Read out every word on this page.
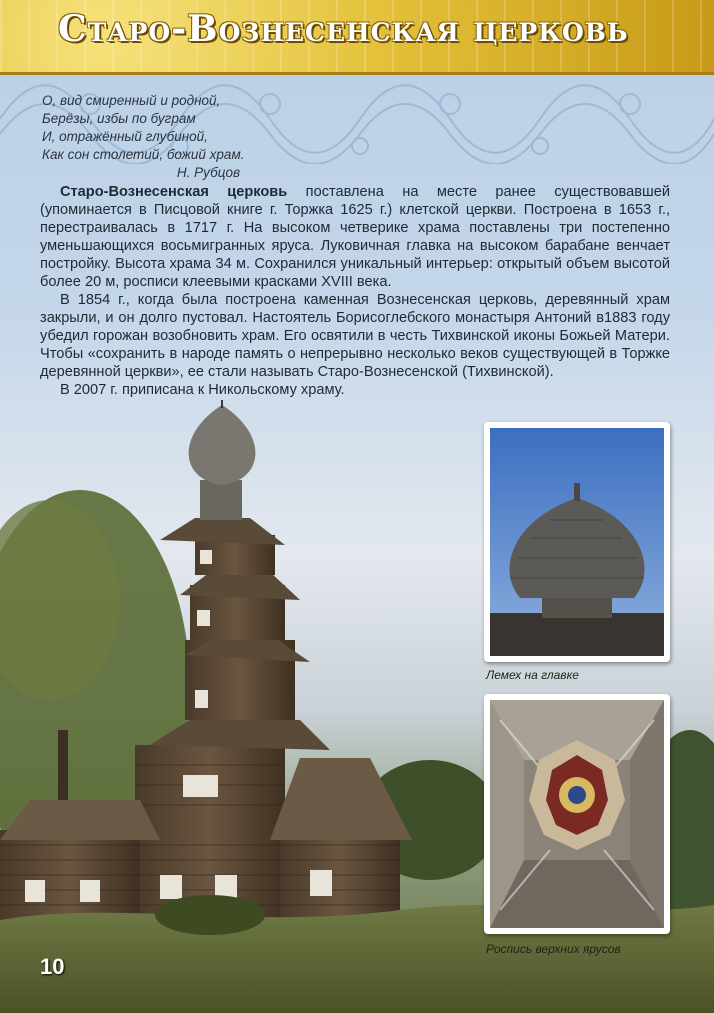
Старо-Вознесенская церковь
О, вид смиренный и родной,
Берёзы, избы по буграм
И, отражённый глубиной,
Как сон столетий, божий храм.
Н. Рубцов

Старо-Вознесенская церковь поставлена на месте ранее существовавшей (упоминается в Писцовой книге г. Торжка 1625 г.) клетской церкви. Построена в 1653 г., перестраивалась в 1717 г. На высоком четверике храма поставлены три постепенно уменьшающихся восьмигранных яруса. Луковичная главка на высоком барабане венчает постройку. Высота храма 34 м. Сохранился уникальный интерьер: открытый объем высотой более 20 м, росписи клеевыми красками XVIII века.

В 1854 г., когда была построена каменная Вознесенская церковь, деревянный храм закрыли, и он долго пустовал. Настоятель Борисоглебского монастыря Антоний в1883 году убедил горожан возобновить храм. Его освятили в честь Тихвинской иконы Божьей Матери. Чтобы «сохранить в народе память о непрерывно несколько веков существующей в Торжке деревянной церкви», ее стали называть Старо-Вознесенской (Тихвинской).

В 2007 г. приписана к Никольскому храму.

Лемех на главке
Роспись верхних ярусов
10
